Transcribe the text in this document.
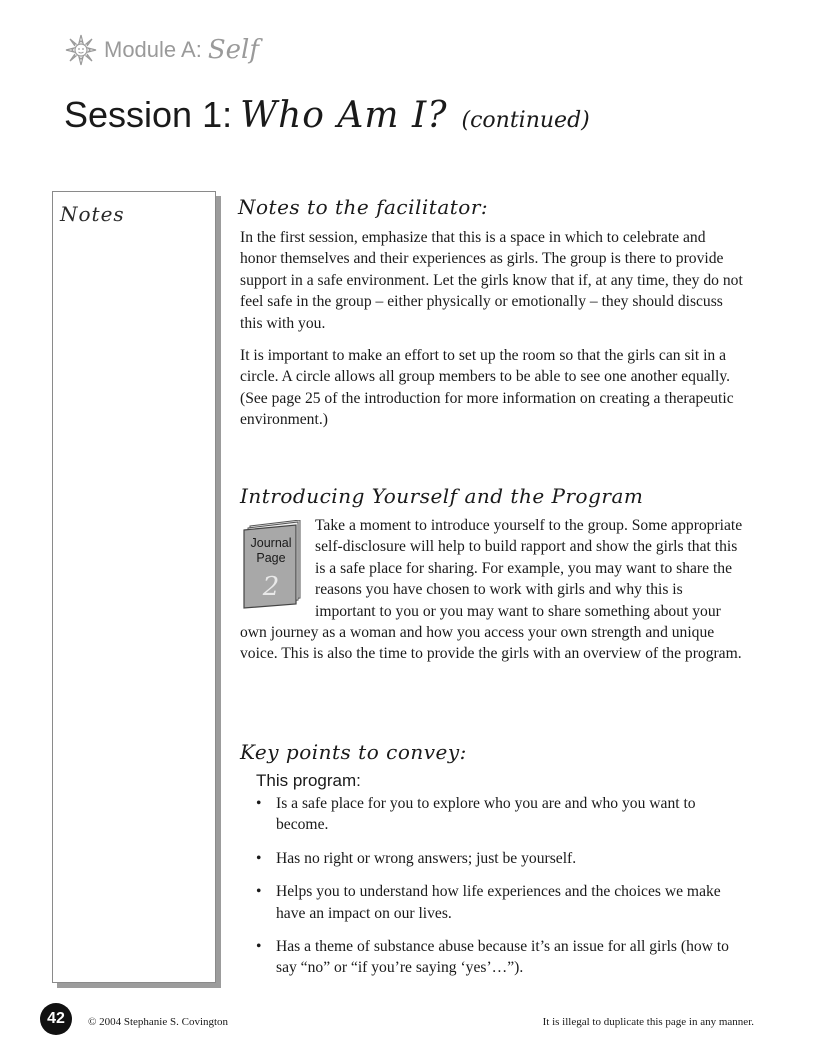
Module A: Self
Session 1: Who Am I? (continued)
Notes	Notes to the facilitator:

In the first session, emphasize that this is a space in which to celebrate and honor themselves and their experiences as girls. The group is there to provide support in a safe environment. Let the girls know that if, at any time, they do not feel safe in the group – either physically or emotionally – they should discuss this with you.

It is important to make an effort to set up the room so that the girls can sit in a circle. A circle allows all group members to be able to see one another equally. (See page 25 of the introduction for more information on creating a therapeutic environment.)

Introducing Yourself and the Program
Journal
Page
2

Take a moment to introduce yourself to the group. Some appropriate self-disclosure will help to build rapport and show the girls that this is a safe place for sharing. For example, you may want to share the reasons you have chosen to work with girls and why this is important to you or you may want to share something about your own journey as a woman and how you access your own strength and unique voice. This is also the time to provide the girls with an overview of the program.

Key points to convey:
This program:
• Is a safe place for you to explore who you are and who you want to become.
• Has no right or wrong answers; just be yourself.
• Helps you to understand how life experiences and the choices we make have an impact on our lives.
• Has a theme of substance abuse because it’s an issue for all girls (how to say “no” or “if you’re saying ‘yes’…”).
42	© 2004 Stephanie S. Covington	It is illegal to duplicate this page in any manner.
